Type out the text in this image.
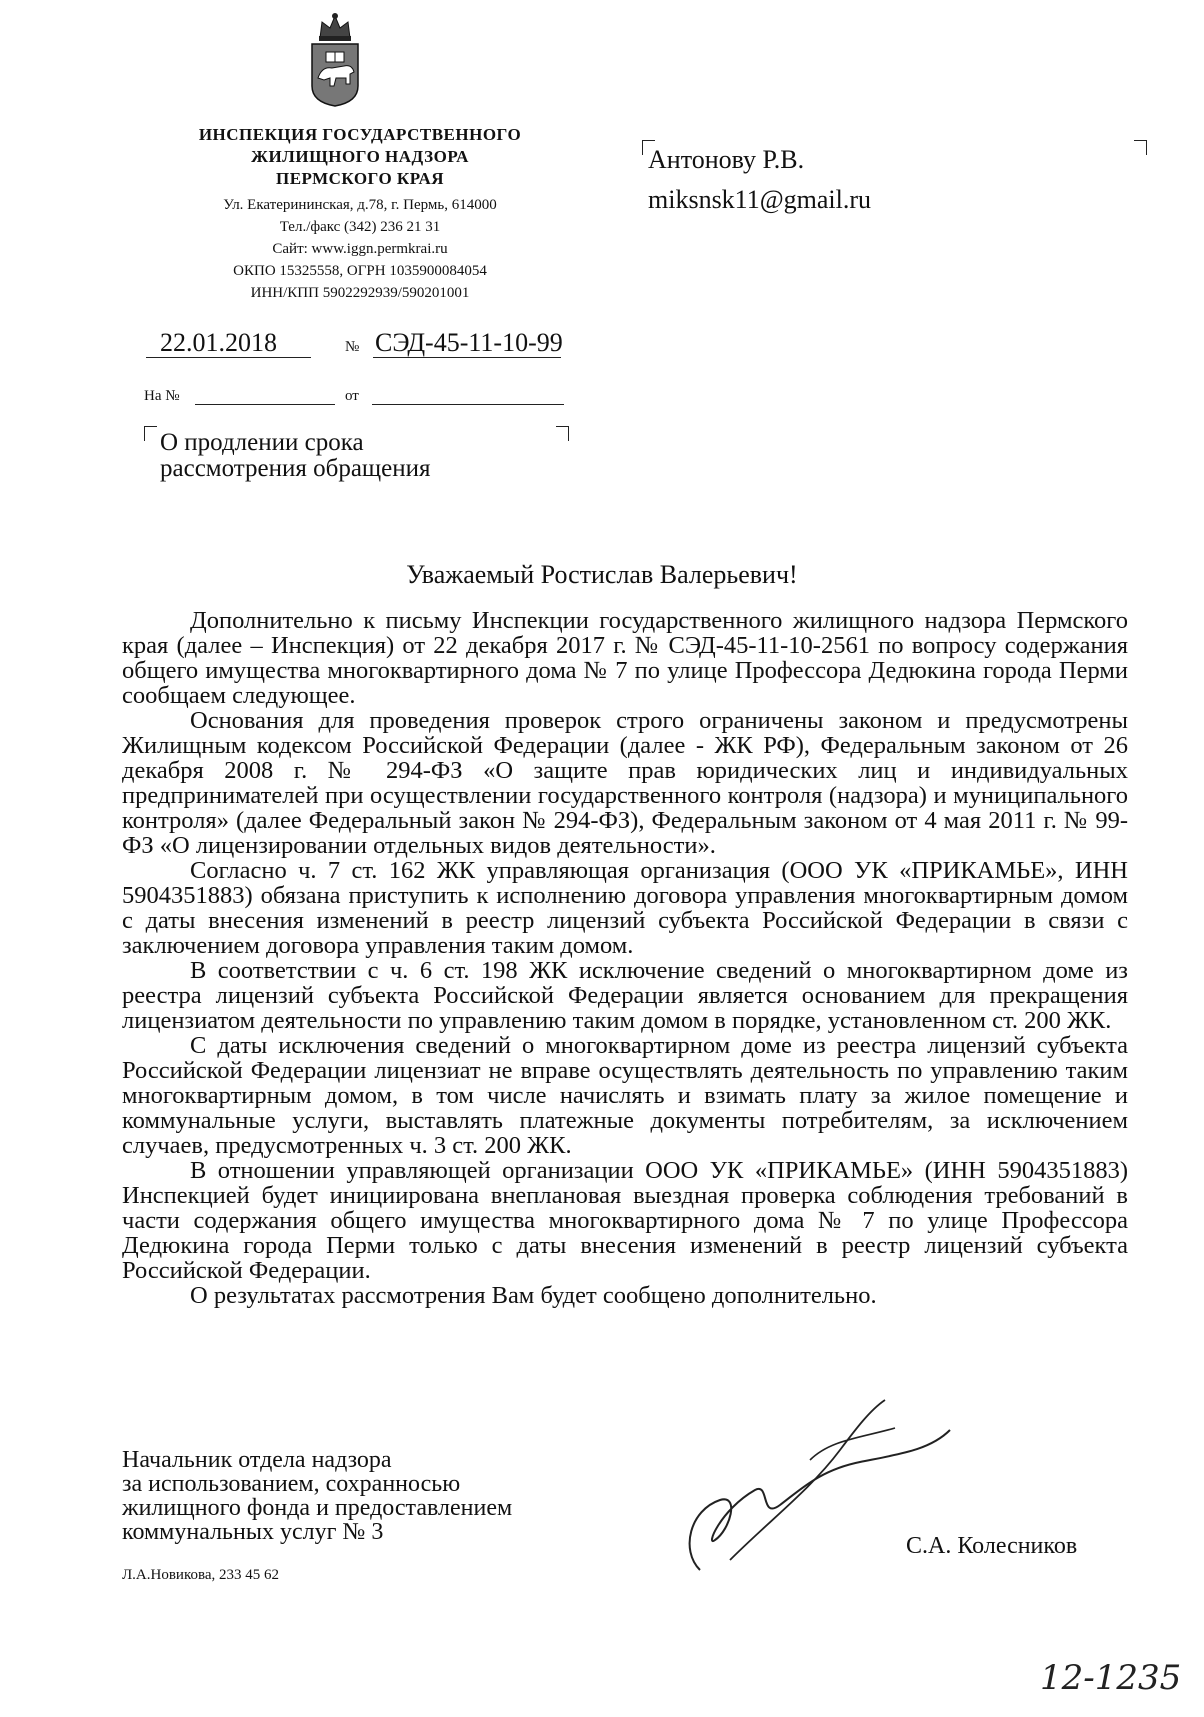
ИНСПЕКЦИЯ ГОСУДАРСТВЕННОГО
ЖИЛИЩНОГО НАДЗОРА
ПЕРМСКОГО КРАЯ
Ул. Екатерининская, д.78, г. Пермь, 614000
Тел./факс (342) 236 21 31
Сайт: www.iggn.permkrai.ru
ОКПО 15325558, ОГРН 1035900084054
ИНН/КПП 5902292939/590201001
22.01.2018	№ СЭД-45-11-10-99
На №	от
Антонову Р.В.
miksnsk11@gmail.ru
О продлении срока
рассмотрения обращения
Уважаемый Ростислав Валерьевич!

Дополнительно к письму Инспекции государственного жилищного надзора Пермского края (далее – Инспекция) от 22 декабря 2017 г. № СЭД-45-11-10-2561 по вопросу содержания общего имущества многоквартирного дома № 7 по улице Профессора Дедюкина города Перми сообщаем следующее.

Основания для проведения проверок строго ограничены законом и предусмотрены Жилищным кодексом Российской Федерации (далее - ЖК РФ), Федеральным законом от 26 декабря 2008 г. № 294-ФЗ «О защите прав юридических лиц и индивидуальных предпринимателей при осуществлении государственного контроля (надзора) и муниципального контроля» (далее Федеральный закон № 294-ФЗ), Федеральным законом от 4 мая 2011 г. № 99-ФЗ «О лицензировании отдельных видов деятельности».

Согласно ч. 7 ст. 162 ЖК управляющая организация (ООО УК «ПРИКАМЬЕ», ИНН 5904351883) обязана приступить к исполнению договора управления многоквартирным домом с даты внесения изменений в реестр лицензий субъекта Российской Федерации в связи с заключением договора управления таким домом.

В соответствии с ч. 6 ст. 198 ЖК исключение сведений о многоквартирном доме из реестра лицензий субъекта Российской Федерации является основанием для прекращения лицензиатом деятельности по управлению таким домом в порядке, установленном ст. 200 ЖК.

С даты исключения сведений о многоквартирном доме из реестра лицензий субъекта Российской Федерации лицензиат не вправе осуществлять деятельность по управлению таким многоквартирным домом, в том числе начислять и взимать плату за жилое помещение и коммунальные услуги, выставлять платежные документы потребителям, за исключением случаев, предусмотренных ч. 3 ст. 200 ЖК.

В отношении управляющей организации ООО УК «ПРИКАМЬЕ» (ИНН 5904351883) Инспекцией будет инициирована внеплановая выездная проверка соблюдения требований в части содержания общего имущества многоквартирного дома № 7 по улице Профессора Дедюкина города Перми только с даты внесения изменений в реестр лицензий субъекта Российской Федерации.

О результатах рассмотрения Вам будет сообщено дополнительно.

Начальник отдела надзора
за использованием, сохранносью
жилищного фонда и предоставлением
коммунальных услуг № 3
С.А. Колесников
Л.А.Новикова, 233 45 62
12-1235
